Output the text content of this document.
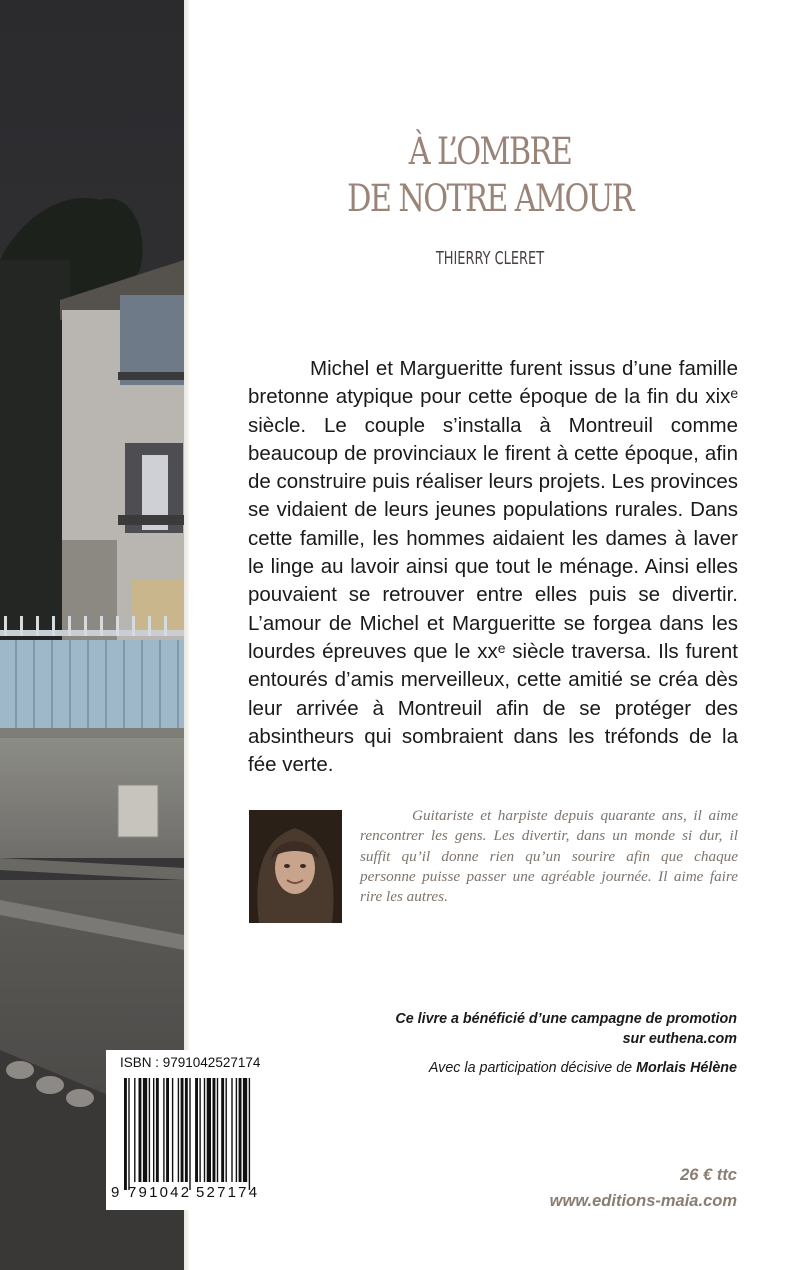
À L’OMBRE
DE NOTRE AMOUR
THIERRY CLERET

Michel et Margueritte furent issus d’une famille bretonne atypique pour cette époque de la fin du xixᵉ siècle. Le couple s’installa à Montreuil comme beaucoup de provinciaux le firent à cette époque, afin de construire puis réaliser leurs projets. Les provinces se vidaient de leurs jeunes populations rurales. Dans cette famille, les hommes aidaient les dames à laver le linge au lavoir ainsi que tout le ménage. Ainsi elles pouvaient se retrouver entre elles puis se divertir. L’amour de Michel et Margueritte se forgea dans les lourdes épreuves que le xxᵉ siècle traversa. Ils furent entourés d’amis merveilleux, cette amitié se créa dès leur arrivée à Montreuil afin de se protéger des absintheurs qui sombraient dans les tréfonds de la fée verte.

Guitariste et harpiste depuis quarante ans, il aime rencontrer les gens. Les divertir, dans un monde si dur, il suffit qu’il donne rien qu’un sourire afin que chaque personne puisse passer une agréable journée. Il aime faire rire les autres.

Ce livre a bénéficié d’une campagne de promotion
sur euthena.com
Avec la participation décisive de Morlais Hélène
26 € ttc
www.editions-maia.com
ISBN : 9791042527174
9 791042 527174
